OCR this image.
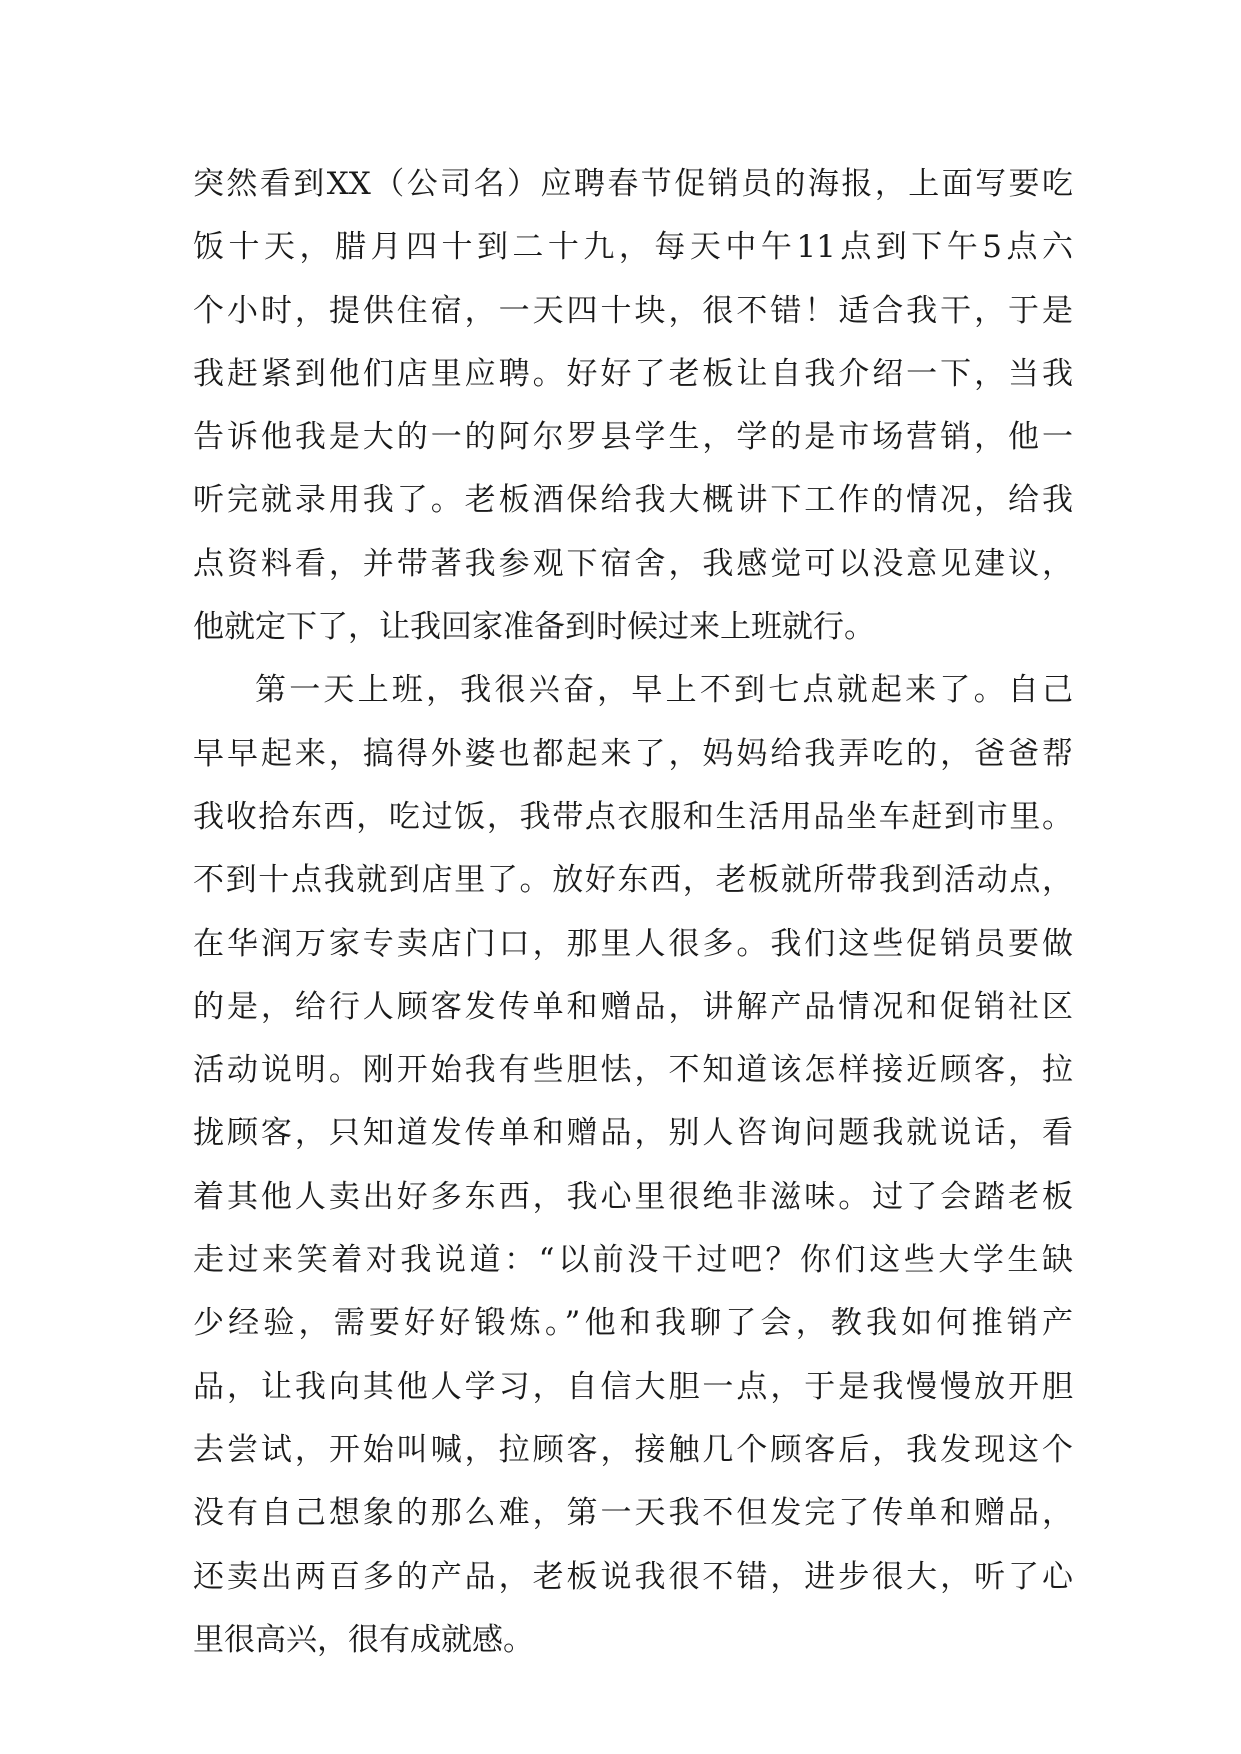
突然看到XX（公司名）应聘春节促销员的海报，上面写要吃
饭十天，腊月四十到二十九，每天中午11点到下午5点六
个小时，提供住宿，一天四十块，很不错！适合我干，于是
我赶紧到他们店里应聘。好好了老板让自我介绍一下，当我
告诉他我是大的一的阿尔罗县学生，学的是市场营销，他一
听完就录用我了。老板酒保给我大概讲下工作的情况，给我
点资料看，并带著我参观下宿舍，我感觉可以没意见建议，
他就定下了，让我回家准备到时候过来上班就行。
第一天上班，我很兴奋，早上不到七点就起来了。自己
早早起来，搞得外婆也都起来了，妈妈给我弄吃的，爸爸帮
我收拾东西，吃过饭，我带点衣服和生活用品坐车赶到市里。
不到十点我就到店里了。放好东西，老板就所带我到活动点，
在华润万家专卖店门口，那里人很多。我们这些促销员要做
的是，给行人顾客发传单和赠品，讲解产品情况和促销社区
活动说明。刚开始我有些胆怯，不知道该怎样接近顾客，拉
拢顾客，只知道发传单和赠品，别人咨询问题我就说话，看
着其他人卖出好多东西，我心里很绝非滋味。过了会踏老板
走过来笑着对我说道：“以前没干过吧？你们这些大学生缺
少经验，需要好好锻炼。”他和我聊了会，教我如何推销产
品，让我向其他人学习，自信大胆一点，于是我慢慢放开胆
去尝试，开始叫喊，拉顾客，接触几个顾客后，我发现这个
没有自己想象的那么难，第一天我不但发完了传单和赠品，
还卖出两百多的产品，老板说我很不错，进步很大，听了心
里很高兴，很有成就感。
